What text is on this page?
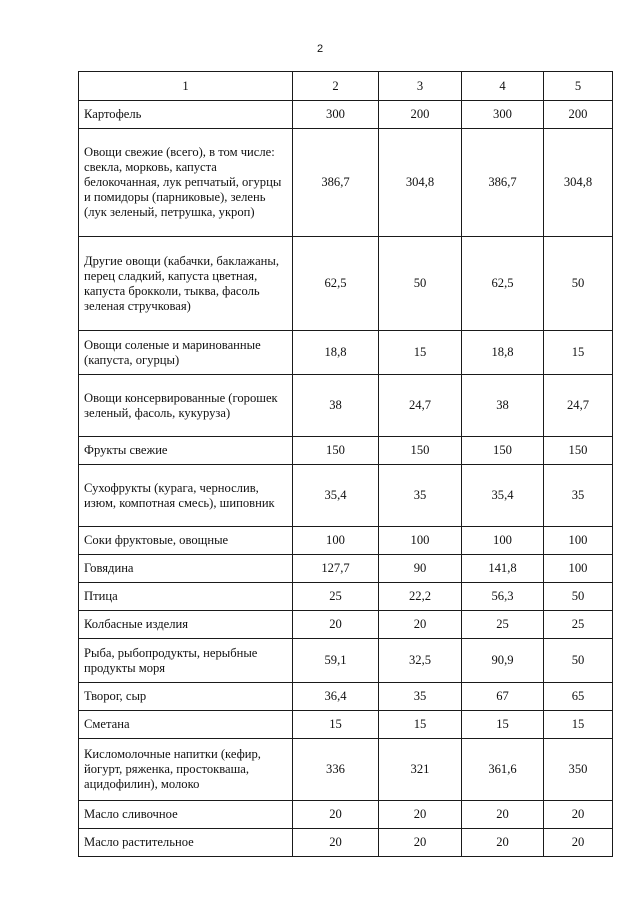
2
1	2	3	4	5
Картофель	300	200	300	200
Овощи свежие (всего), в том числе: свекла, морковь, капуста белокочанная, лук репчатый, огурцы и помидоры (парниковые), зелень (лук зеленый, петрушка, укроп)	386,7	304,8	386,7	304,8
Другие овощи (кабачки, баклажаны, перец сладкий, капуста цветная, капуста брокколи, тыква, фасоль зеленая стручковая)	62,5	50	62,5	50
Овощи соленые и маринованные (капуста, огурцы)	18,8	15	18,8	15
Овощи консервированные (горошек зеленый, фасоль, кукуруза)	38	24,7	38	24,7
Фрукты свежие	150	150	150	150
Сухофрукты (курага, чернослив, изюм, компотная смесь), шиповник	35,4	35	35,4	35
Соки фруктовые, овощные	100	100	100	100
Говядина	127,7	90	141,8	100
Птица	25	22,2	56,3	50
Колбасные изделия	20	20	25	25
Рыба, рыбопродукты, нерыбные продукты моря	59,1	32,5	90,9	50
Творог, сыр	36,4	35	67	65
Сметана	15	15	15	15
Кисломолочные напитки (кефир, йогурт, ряженка, простокваша, ацидофилин), молоко	336	321	361,6	350
Масло сливочное	20	20	20	20
Масло растительное	20	20	20	20
